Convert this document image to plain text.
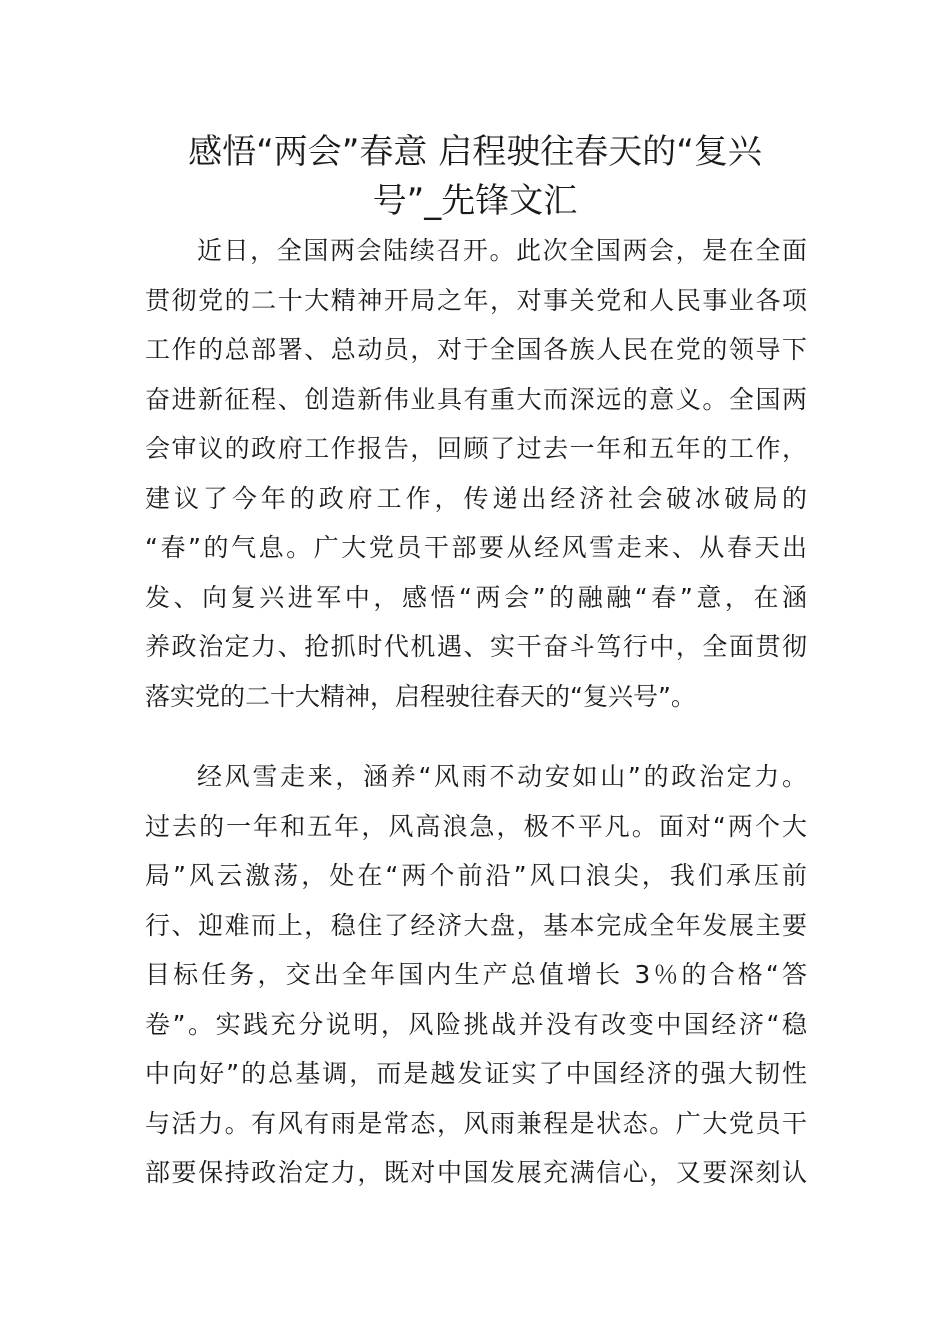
感悟“两会”春意 启程驶往春天的“复兴
号”_先锋文汇
近日，全国两会陆续召开。此次全国两会，是在全面
贯彻党的二十大精神开局之年，对事关党和人民事业各项
工作的总部署、总动员，对于全国各族人民在党的领导下
奋进新征程、创造新伟业具有重大而深远的意义。全国两
会审议的政府工作报告，回顾了过去一年和五年的工作，
建议了今年的政府工作，传递出经济社会破冰破局的
“春”的气息。广大党员干部要从经风雪走来、从春天出
发、向复兴进军中，感悟“两会”的融融“春”意，在涵
养政治定力、抢抓时代机遇、实干奋斗笃行中，全面贯彻
落实党的二十大精神，启程驶往春天的“复兴号”。
经风雪走来，涵养“风雨不动安如山”的政治定力。
过去的一年和五年，风高浪急，极不平凡。面对“两个大
局”风云激荡，处在“两个前沿”风口浪尖，我们承压前
行、迎难而上，稳住了经济大盘，基本完成全年发展主要
目标任务，交出全年国内生产总值增长 3％的合格“答
卷”。实践充分说明，风险挑战并没有改变中国经济“稳
中向好”的总基调，而是越发证实了中国经济的强大韧性
与活力。有风有雨是常态，风雨兼程是状态。广大党员干
部要保持政治定力，既对中国发展充满信心，又要深刻认
